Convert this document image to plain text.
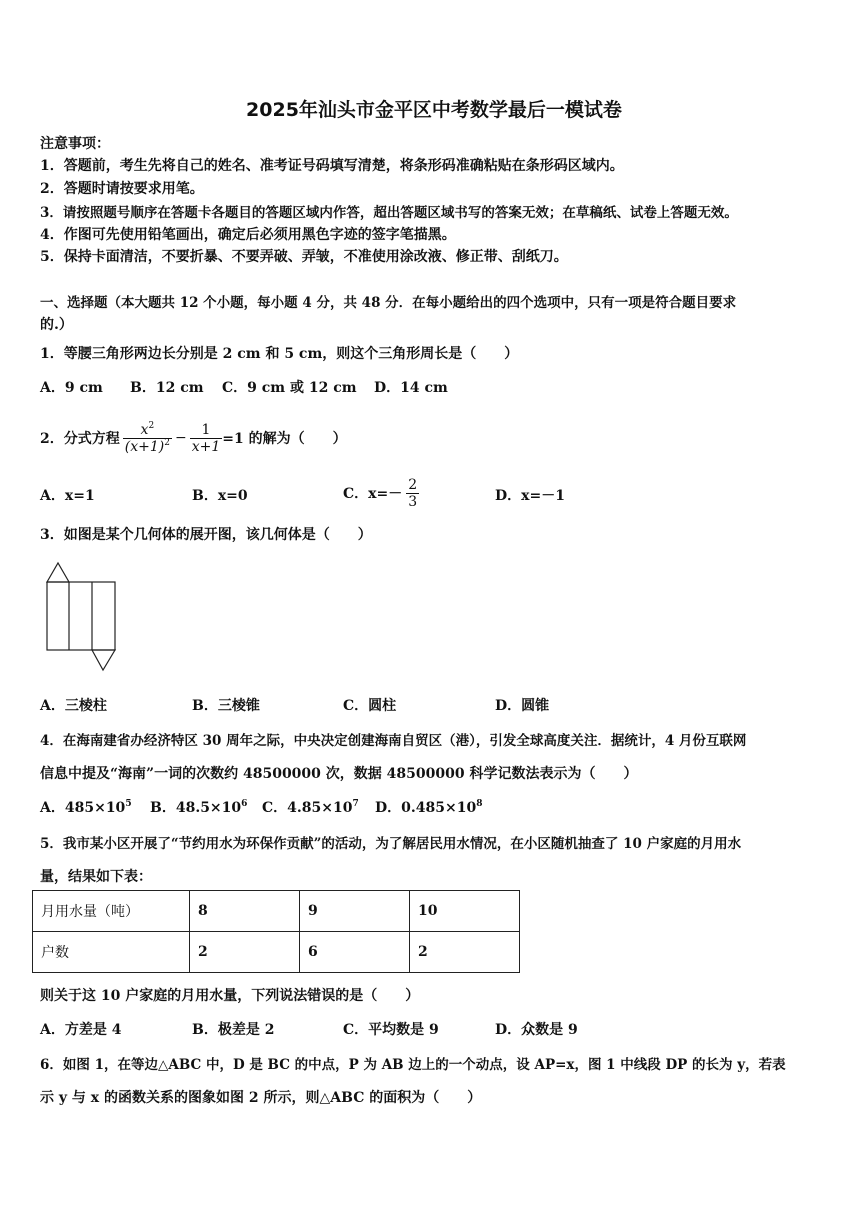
2025年汕头市金平区中考数学最后一模试卷
注意事项：
1．答题前，考生先将自己的姓名、准考证号码填写清楚，将条形码准确粘贴在条形码区域内。
2．答题时请按要求用笔。
3．请按照题号顺序在答题卡各题目的答题区域内作答，超出答题区域书写的答案无效；在草稿纸、试卷上答题无效。
4．作图可先使用铅笔画出，确定后必须用黑色字迹的签字笔描黑。
5．保持卡面清洁，不要折暴、不要弄破、弄皱，不准使用涂改液、修正带、刮纸刀。
一、选择题（本大题共 12 个小题，每小题 4 分，共 48 分．在每小题给出的四个选项中，只有一项是符合题目要求
的.）
1．等腰三角形两边长分别是 2 cm 和 5 cm，则这个三角形周长是（　　）
A．9 cm B．12 cm C．9 cm 或 12 cm D．14 cm
2．分式方程 $\frac{x^2}{(x+1)^2} - \frac{1}{x+1} =1$ 的解为（　　）
A．x=1	B．x=0	C．$x=- \frac{2}{3}$	D．x=－1
3．如图是某个几何体的展开图，该几何体是（　　）
A．三棱柱	B．三棱锥	C．圆柱	D．圆锥
4．在海南建省办经济特区 30 周年之际，中央决定创建海南自贸区（港），引发全球高度关注．据统计，4 月份互联网
信息中提及“海南”一词的次数约 48500000 次，数据 48500000 科学记数法表示为（　　）
A．$485\times 10^5$ B．$48.5\times 10^6$ C．$4.85\times 10^7$ D．$0.485\times 10^8$
5．我市某小区开展了“节约用水为环保作贡献”的活动，为了解居民用水情况，在小区随机抽查了 10 户家庭的月用水
量，结果如下表：
月用水量（吨）	8	9	10
户数	2	6	2
则关于这 10 户家庭的月用水量，下列说法错误的是（　　）
A．方差是 4	B．极差是 2	C．平均数是 9	D．众数是 9
6．如图 1，在等边△ABC 中，D 是 BC 的中点，P 为 AB 边上的一个动点，设 AP=x，图 1 中线段 DP 的长为 y，若表
示 y 与 x 的函数关系的图象如图 2 所示，则△ABC 的面积为（　　）
